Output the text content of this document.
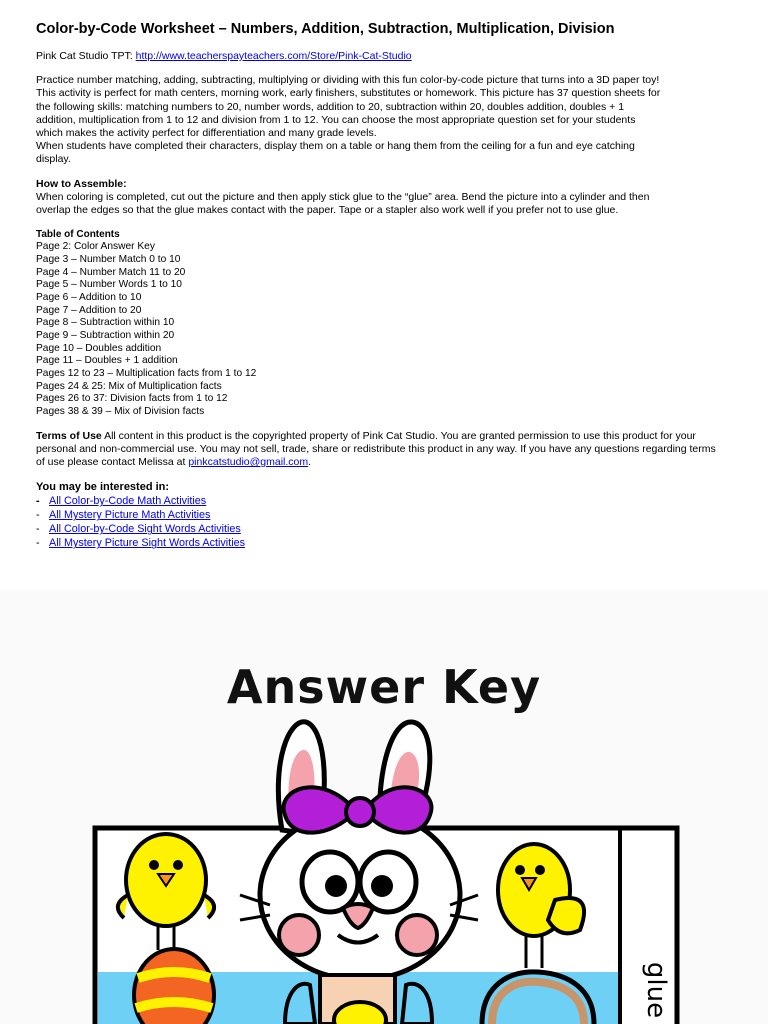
Color-by-Code Worksheet – Numbers, Addition, Subtraction, Multiplication, Division
Pink Cat Studio TPT: http://www.teacherspayteachers.com/Store/Pink-Cat-Studio
Practice number matching, adding, subtracting, multiplying or dividing with this fun color-by-code picture that turns into a 3D paper toy!
This activity is perfect for math centers, morning work, early finishers, substitutes or homework. This picture has 37 question sheets for
the following skills: matching numbers to 20, number words, addition to 20, subtraction within 20, doubles addition, doubles + 1
addition, multiplication from 1 to 12 and division from 1 to 12. You can choose the most appropriate question set for your students
which makes the activity perfect for differentiation and many grade levels.
When students have completed their characters, display them on a table or hang them from the ceiling for a fun and eye catching
display.
How to Assemble:
When coloring is completed, cut out the picture and then apply stick glue to the “glue” area. Bend the picture into a cylinder and then
overlap the edges so that the glue makes contact with the paper. Tape or a stapler also work well if you prefer not to use glue.
Table of Contents
Page 2: Color Answer Key
Page 3 – Number Match 0 to 10
Page 4 – Number Match 11 to 20
Page 5 – Number Words 1 to 10
Page 6 – Addition to 10
Page 7 – Addition to 20
Page 8 – Subtraction within 10
Page 9 – Subtraction within 20
Page 10 – Doubles addition
Page 11 – Doubles + 1 addition
Pages 12 to 23 – Multiplication facts from 1 to 12
Pages 24 & 25: Mix of Multiplication facts
Pages 26 to 37: Division facts from 1 to 12
Pages 38 & 39 – Mix of Division facts
Terms of Use All content in this product is the copyrighted property of Pink Cat Studio. You are granted permission to use this product for your
personal and non-commercial use. You may not sell, trade, share or redistribute this product in any way. If you have any questions regarding terms
of use please contact Melissa at pinkcatstudio@gmail.com.
You may be interested in:
- All Color-by-Code Math Activities
- All Mystery Picture Math Activities
- All Color-by-Code Sight Words Activities
- All Mystery Picture Sight Words Activities
Answer Key
glue
